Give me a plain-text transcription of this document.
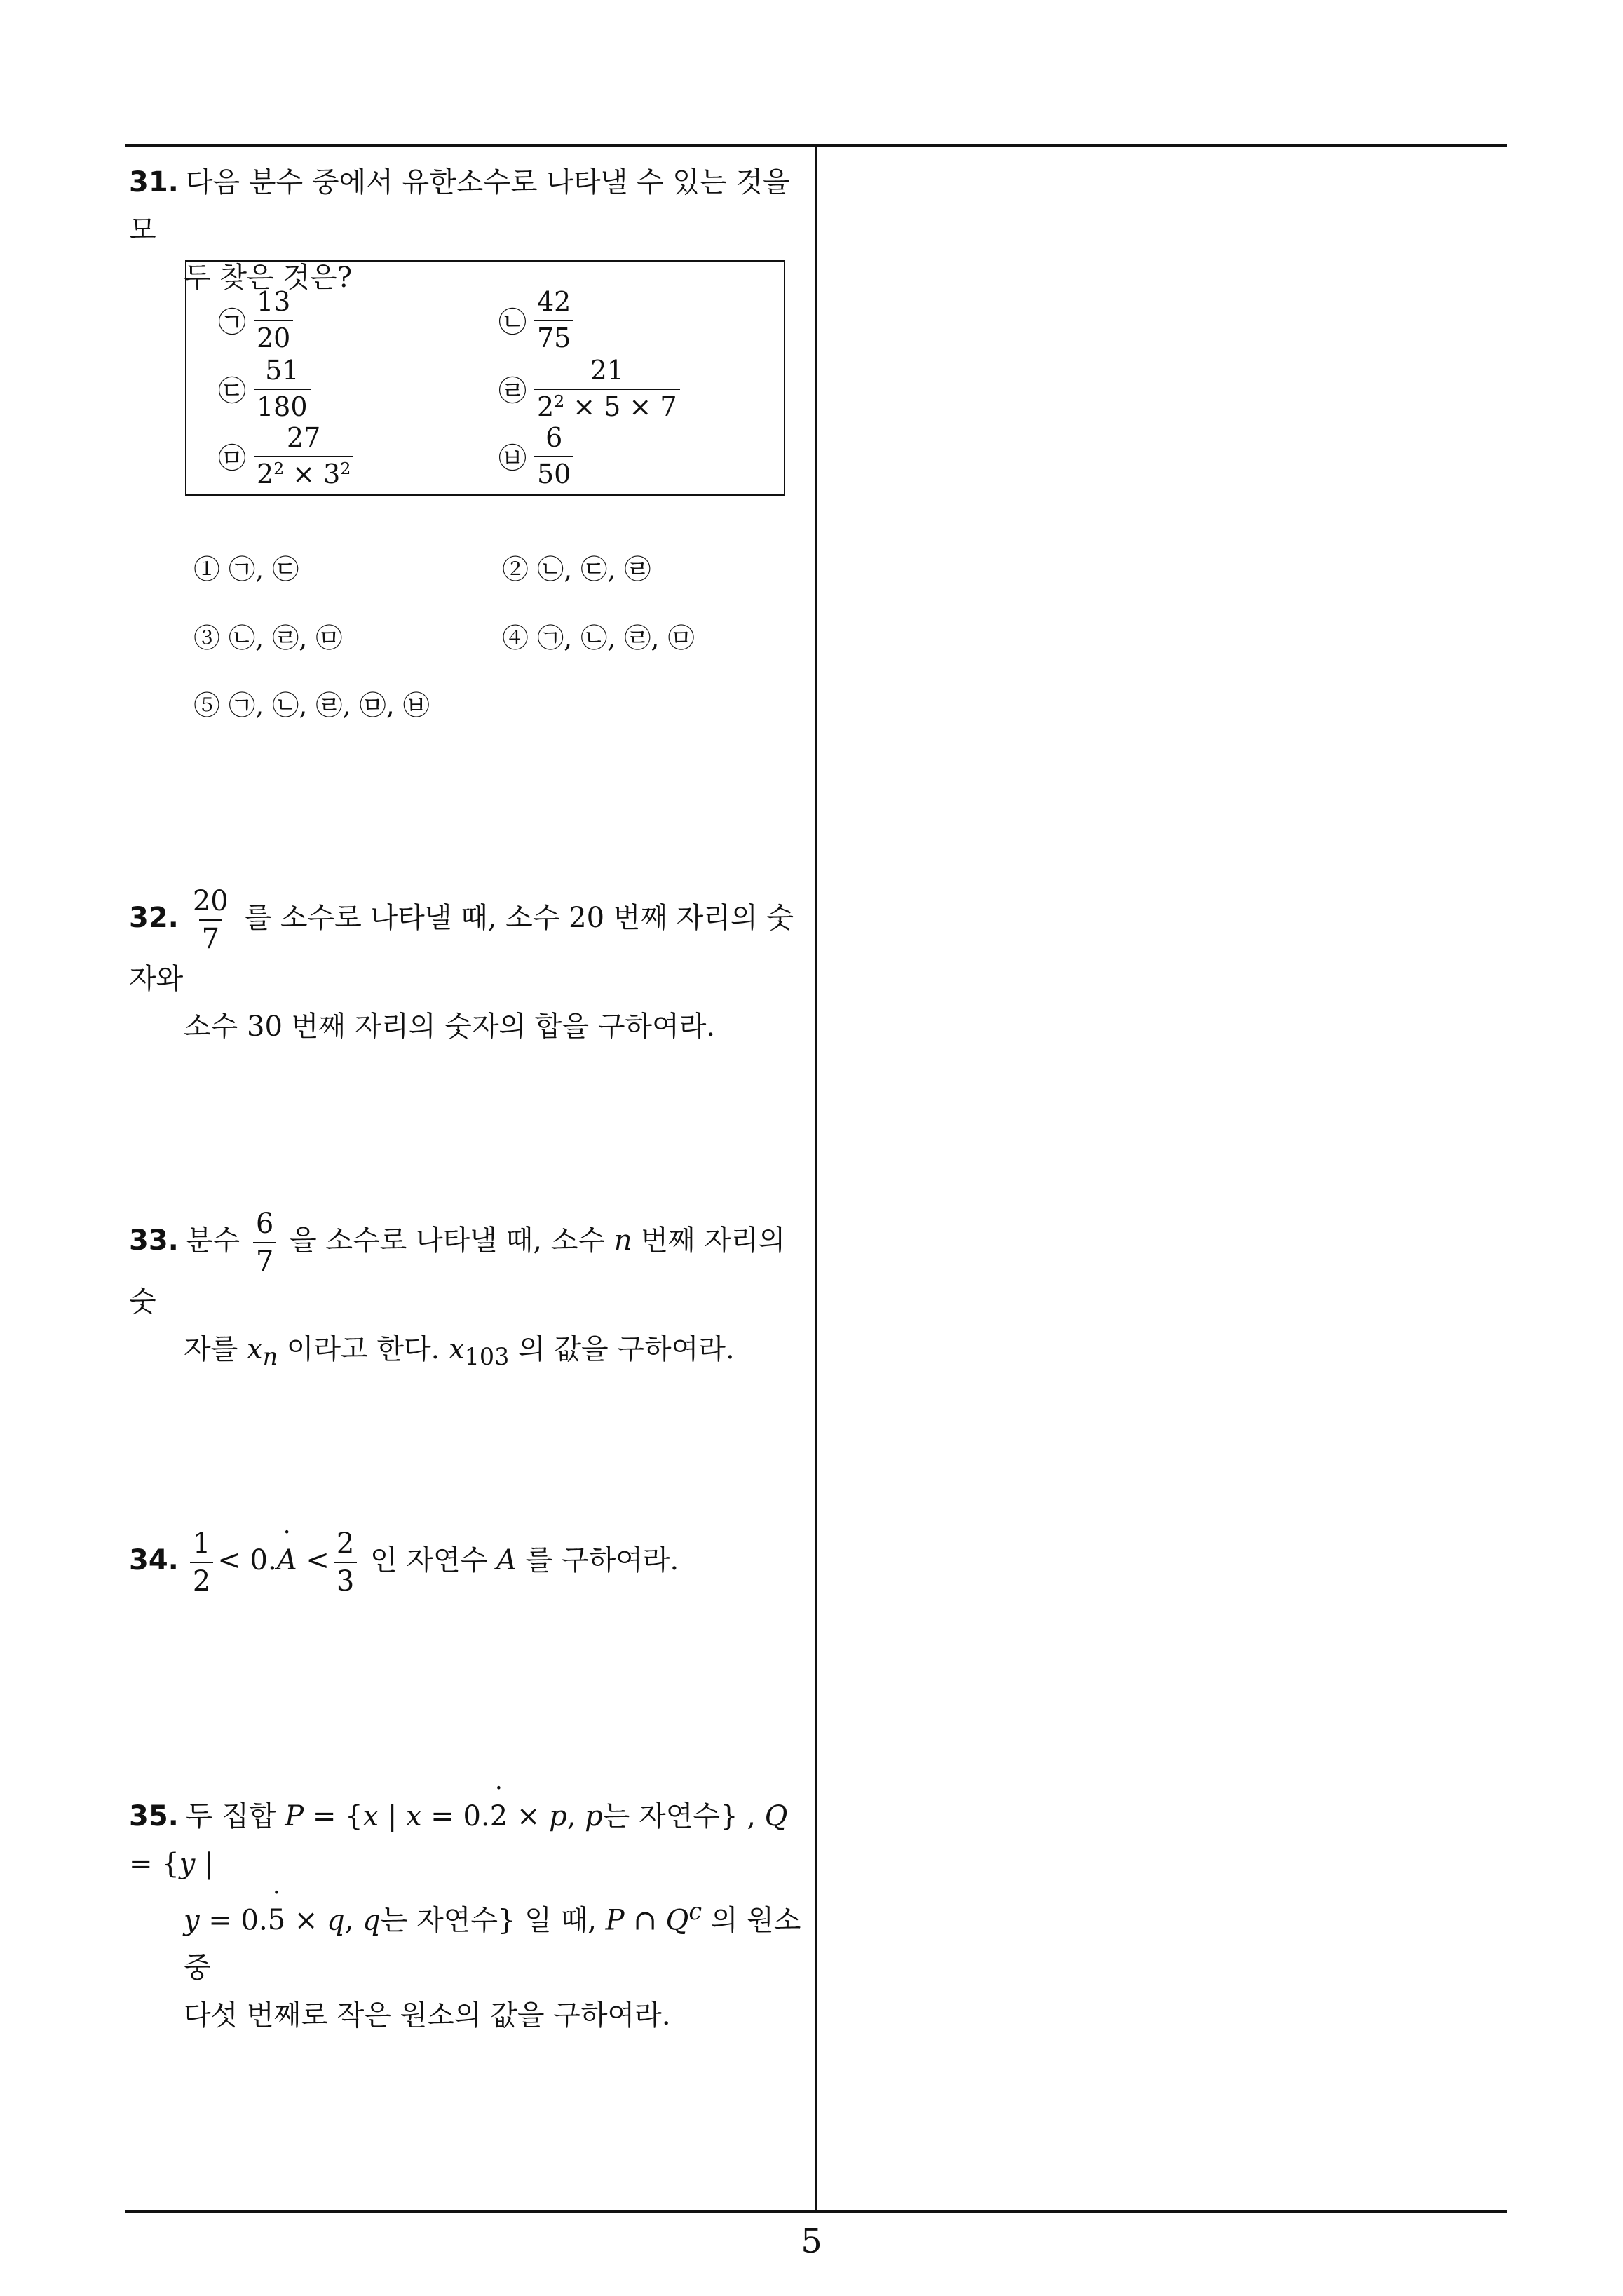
31. 다음 분수 중에서 유한소수로 나타낼 수 있는 것을 모
두 찾은 것은?
㉠ $\frac{13}{20}$	㉡ $\frac{42}{75}$
㉢ $\frac{51}{180}$	㉣ $\frac{21}{2^2 \times 5 \times 7}$
㉤ $\frac{27}{2^2 \times 3^2}$	㉥ $\frac{6}{50}$
① ㉠, ㉢	② ㉡, ㉢, ㉣
③ ㉡, ㉣, ㉤	④ ㉠, ㉡, ㉣, ㉤
⑤ ㉠, ㉡, ㉣, ㉤, ㉥
32. $\frac{20}{7}$ 를 소수로 나타낼 때, 소수 20 번째 자리의 숫자와
소수 30 번째 자리의 숫자의 합을 구하여라.
33. 분수 $\frac{6}{7}$ 을 소수로 나타낼 때, 소수 n 번째 자리의 숫
자를 $x_n$ 이라고 한다. $x_{103}$ 의 값을 구하여라.
34. $\frac{1}{2}$ < 0.˙ $A < \frac{2}{3}$ 인 자연수 A 를 구하여라.
35. 두 집합 P = {x | x = 0.˙ 2 × p, p는 자연수} , Q = {y |
y = 0.˙ 5 × q, q는 자연수} 일 때, P ∩ $Q^c$ 의 원소 중
다섯 번째로 작은 원소의 값을 구하여라.
5
